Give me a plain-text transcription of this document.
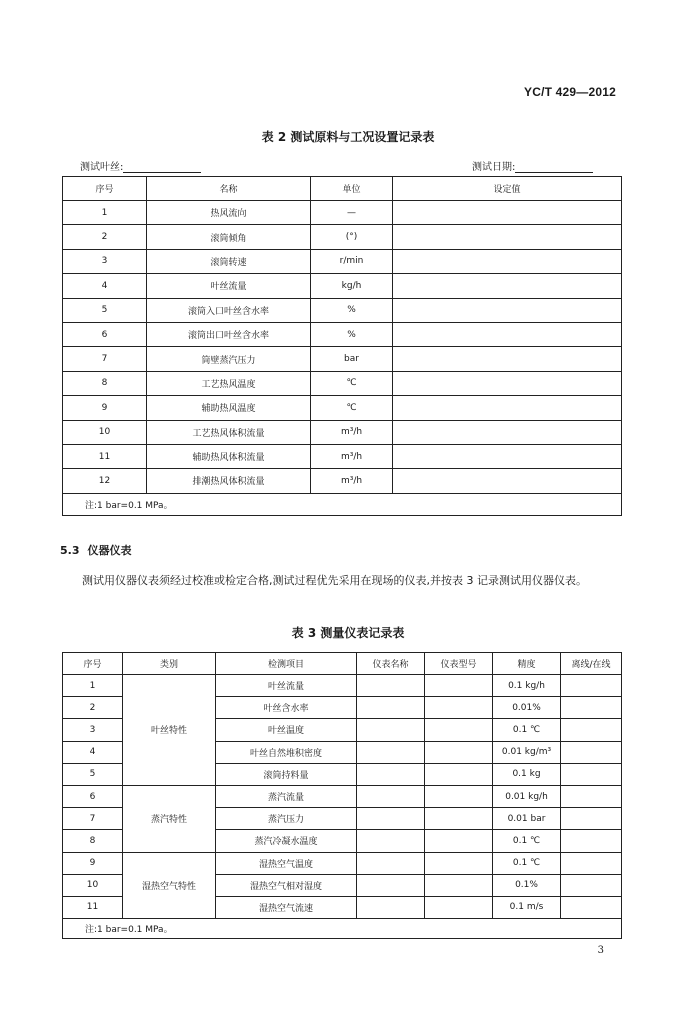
YC/T 429—2012
表 2 测试原料与工况设置记录表
测试叶丝:	测试日期:
序号	名称	单位	设定值
1	热风流向	—	
2	滚筒倾角	(°)	
3	滚筒转速	r/min	
4	叶丝流量	kg/h	
5	滚筒入口叶丝含水率	%	
6	滚筒出口叶丝含水率	%	
7	筒壁蒸汽压力	bar	
8	工艺热风温度	℃	
9	辅助热风温度	℃	
10	工艺热风体积流量	m³/h	
11	辅助热风体积流量	m³/h	
12	排潮热风体积流量	m³/h	
注:1 bar=0.1 MPa。			
5.3 仪器仪表
测试用仪器仪表须经过校准或检定合格,测试过程优先采用在现场的仪表,并按表 3 记录测试用仪器仪表。
表 3 测量仪表记录表
序号	类别	检测项目	仪表名称	仪表型号	精度	离线/在线
1	叶丝特性	叶丝流量			0.1 kg/h	
2		叶丝含水率			0.01%	
3		叶丝温度			0.1 ℃	
4		叶丝自然堆积密度			0.01 kg/m³	
5		滚筒持料量			0.1 kg	
6	蒸汽特性	蒸汽流量			0.01 kg/h	
7		蒸汽压力			0.01 bar	
8		蒸汽冷凝水温度			0.1 ℃	
9	湿热空气特性	湿热空气温度			0.1 ℃	
10		湿热空气相对湿度			0.1%	
11		湿热空气流速			0.1 m/s	
注:1 bar=0.1 MPa。						
3
